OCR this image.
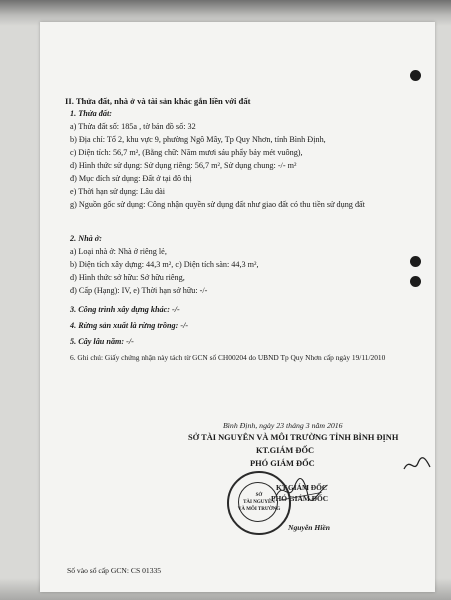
II. Thửa đất, nhà ở và tài sản khác gắn liền với đất
1. Thửa đất:
a) Thửa đất số: 185a , tờ bản đồ số: 32
b) Địa chỉ: Tổ 2, khu vực 9, phường Ngô Mây, Tp Quy Nhơn, tỉnh Bình Định,
c) Diện tích: 56,7 m², (Bằng chữ: Năm mươi sáu phẩy bảy mét vuông),
d) Hình thức sử dụng: Sử dụng riêng: 56,7 m², Sử dụng chung: -/- m²
đ) Mục đích sử dụng: Đất ở tại đô thị
e) Thời hạn sử dụng: Lâu dài
g) Nguồn gốc sử dụng: Công nhận quyền sử dụng đất như giao đất có thu tiền sử dụng đất
2. Nhà ở:
a) Loại nhà ở: Nhà ở riêng lẻ,
b) Diện tích xây dựng: 44,3 m², c) Diện tích sàn: 44,3 m²,
d) Hình thức sở hữu: Sở hữu riêng,
đ) Cấp (Hạng): IV, e) Thời hạn sở hữu: -/-
3. Công trình xây dựng khác: -/-
4. Rừng sản xuất là rừng trồng: -/-
5. Cây lâu năm: -/-
6. Ghi chú: Giấy chứng nhận này tách từ GCN số CH00204 do UBND Tp Quy Nhơn cấp ngày 19/11/2010
Bình Định, ngày 23 tháng 3 năm 2016
SỞ TÀI NGUYÊN VÀ MÔI TRƯỜNG TỈNH BÌNH ĐỊNH
KT.GIÁM ĐỐC
PHÓ GIÁM ĐỐC
KT.GIÁM ĐỐC
PHÓ GIÁM ĐỐC
SỞ
TÀI NGUYÊN
VÀ MÔI TRƯỜNG
Nguyễn Hiền
Số vào sổ cấp GCN: CS 01335
